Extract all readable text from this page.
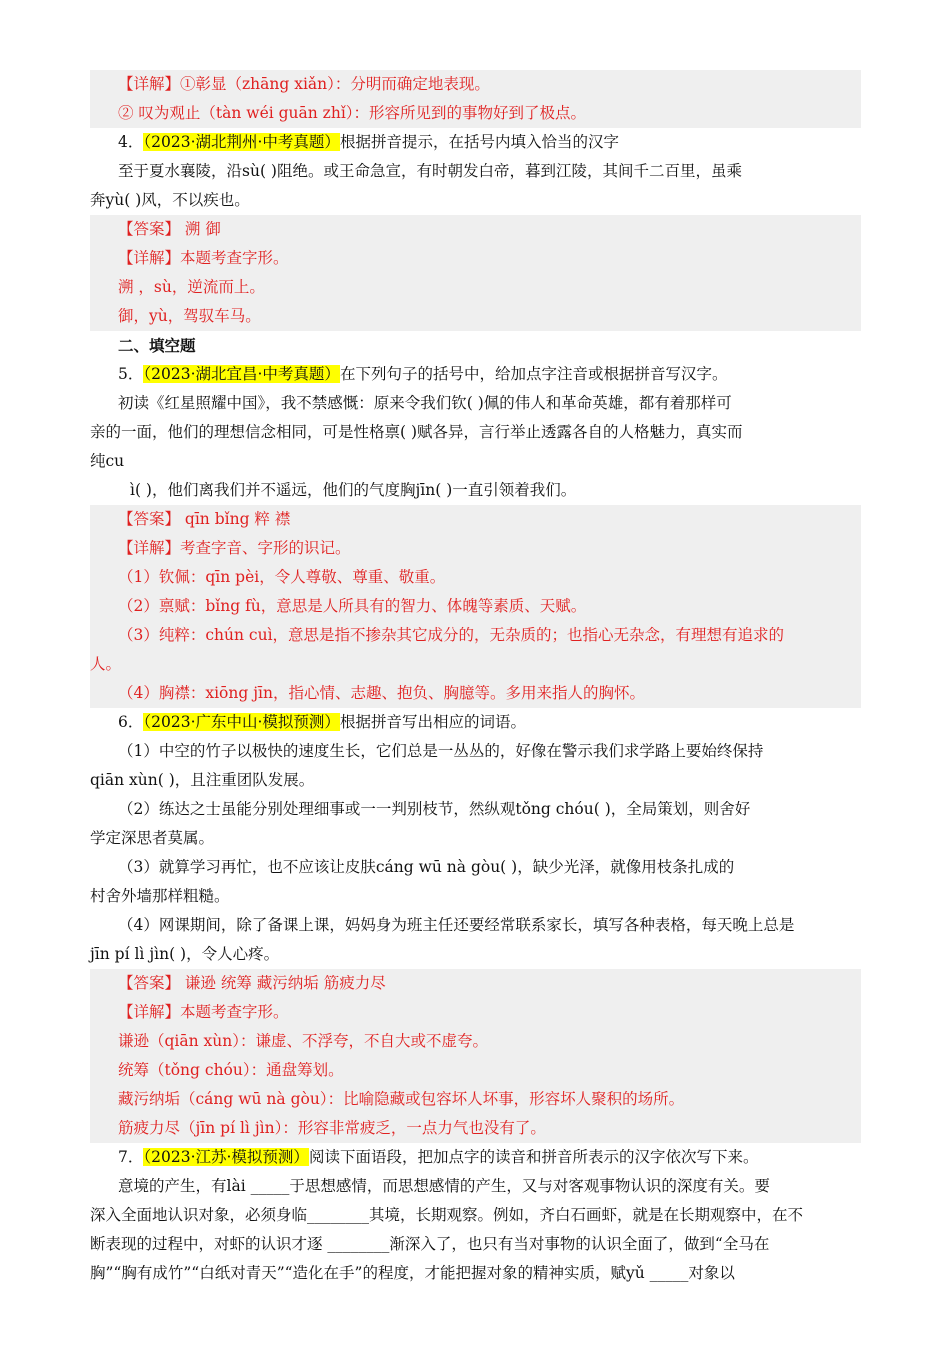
【详解】①彰显（zhāng xiǎn）：分明而确定地表现。
② 叹为观止（tàn wéi guān zhǐ）：形容所见到的事物好到了极点。
4．（2023·湖北荆州·中考真题）根据拼音提示，在括号内填入恰当的汉字
至于夏水襄陵，沿sù( )阻绝。或王命急宣，有时朝发白帝，暮到江陵，其间千二百里，虽乘
奔yù( )风，不以疾也。
【答案】 溯 御
【详解】本题考查字形。
溯 ，sù，逆流而上。
御，yù，驾驭车马。
二、填空题
5．（2023·湖北宜昌·中考真题）在下列句子的括号中，给加点字注音或根据拼音写汉字。
初读《红星照耀中国》，我不禁感慨：原来令我们钦( )佩的伟人和革命英雄，都有着那样可
亲的一面，他们的理想信念相同，可是性格禀( )赋各异，言行举止透露各自的人格魅力，真实而
纯cu
ì( )，他们离我们并不遥远，他们的气度胸jīn( )一直引领着我们。
【答案】 qīn bǐng 粹 襟
【详解】考查字音、字形的识记。
（1）钦佩：qīn pèi，令人尊敬、尊重、敬重。
（2）禀赋：bǐng fù，意思是人所具有的智力、体魄等素质、天赋。
（3）纯粹：chún cuì，意思是指不掺杂其它成分的，无杂质的；也指心无杂念，有理想有追求的
人。
（4）胸襟：xiōng jīn，指心情、志趣、抱负、胸臆等。多用来指人的胸怀。
6．（2023·广东中山·模拟预测）根据拼音写出相应的词语。
（1）中空的竹子以极快的速度生长，它们总是一丛丛的，好像在警示我们求学路上要始终保持
qiān xùn( )，且注重团队发展。
（2）练达之士虽能分别处理细事或一一判别枝节，然纵观tǒng chóu( )，全局策划，则舍好
学定深思者莫属。
（3）就算学习再忙，也不应该让皮肤cáng wū nà gòu( )，缺少光泽，就像用枝条扎成的
村舍外墙那样粗糙。
（4）网课期间，除了备课上课，妈妈身为班主任还要经常联系家长，填写各种表格，每天晚上总是
jīn pí lì jìn( )，令人心疼。
【答案】 谦逊 统筹 藏污纳垢 筋疲力尽
【详解】本题考查字形。
谦逊（qiān xùn）：谦虚、不浮夸，不自大或不虚夸。
统筹（tǒng chóu）：通盘筹划。
藏污纳垢（cáng wū nà gòu）：比喻隐藏或包容坏人坏事，形容坏人聚积的场所。
筋疲力尽（jīn pí lì jìn）：形容非常疲乏，一点力气也没有了。
7．（2023·江苏·模拟预测）阅读下面语段，把加点字的读音和拼音所表示的汉字依次写下来。
意境的产生，有lài _____于思想感情，而思想感情的产生，又与对客观事物认识的深度有关。要
深入全面地认识对象，必须身临________其境，长期观察。例如，齐白石画虾，就是在长期观察中，在不
断表现的过程中，对虾的认识才逐 ________渐深入了，也只有当对事物的认识全面了，做到“全马在
胸”“胸有成竹”“白纸对青天”“造化在手”的程度，才能把握对象的精神实质，赋yǔ _____对象以
